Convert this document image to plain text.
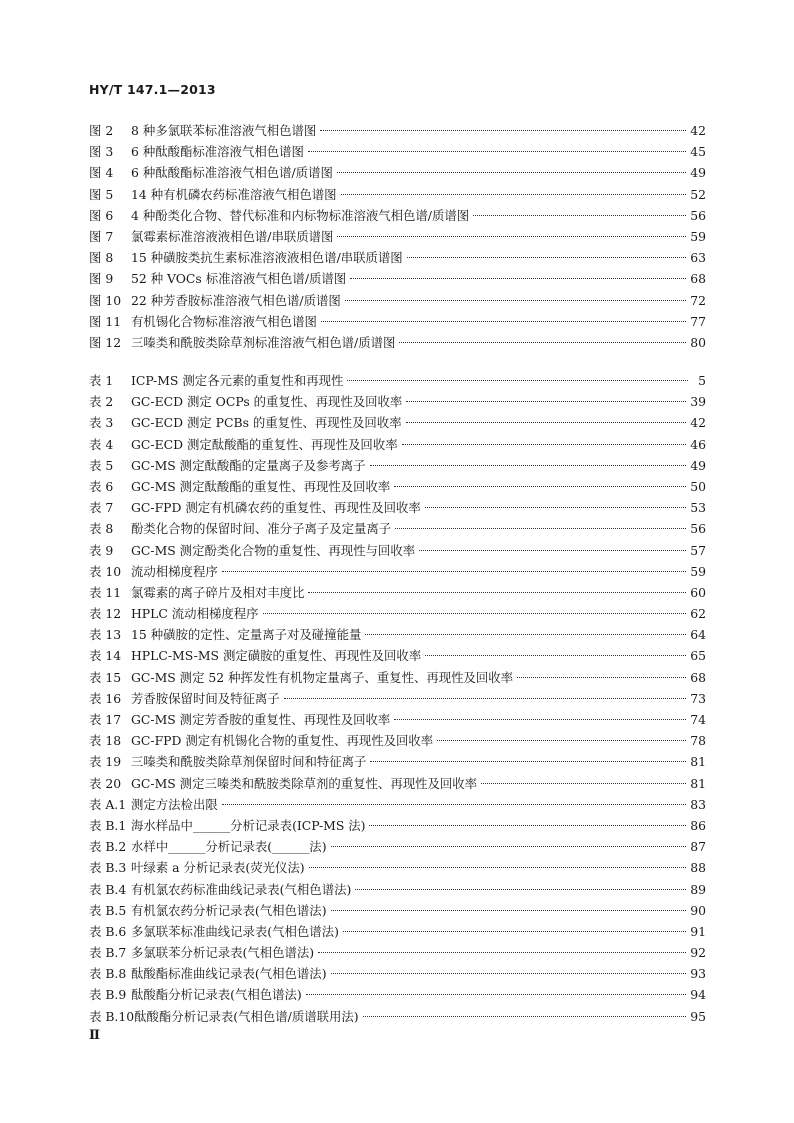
HY/T 147.1—2013
图 2	8 种多氯联苯标准溶液气相色谱图	42
图 3	6 种酞酸酯标准溶液气相色谱图	45
图 4	6 种酞酸酯标准溶液气相色谱/质谱图	49
图 5	14 种有机磷农药标准溶液气相色谱图	52
图 6	4 种酚类化合物、替代标准和内标物标准溶液气相色谱/质谱图	56
图 7	氯霉素标准溶液液相色谱/串联质谱图	59
图 8	15 种磺胺类抗生素标准溶液液相色谱/串联质谱图	63
图 9	52 种 VOCs 标准溶液气相色谱/质谱图	68
图 10 22 种芳香胺标准溶液气相色谱/质谱图	72
图 11 有机锡化合物标准溶液气相色谱图	77
图 12 三嗪类和酰胺类除草剂标准溶液气相色谱/质谱图	80
表 1	ICP-MS 测定各元素的重复性和再现性	5
表 2	GC-ECD 测定 OCPs 的重复性、再现性及回收率	39
表 3	GC-ECD 测定 PCBs 的重复性、再现性及回收率	42
表 4	GC-ECD 测定酞酸酯的重复性、再现性及回收率	46
表 5	GC-MS 测定酞酸酯的定量离子及参考离子	49
表 6	GC-MS 测定酞酸酯的重复性、再现性及回收率	50
表 7	GC-FPD 测定有机磷农药的重复性、再现性及回收率	53
表 8	酚类化合物的保留时间、准分子离子及定量离子	56
表 9	GC-MS 测定酚类化合物的重复性、再现性与回收率	57
表 10 流动相梯度程序	59
表 11 氯霉素的离子碎片及相对丰度比	60
表 12 HPLC 流动相梯度程序	62
表 13 15 种磺胺的定性、定量离子对及碰撞能量	64
表 14 HPLC-MS-MS 测定磺胺的重复性、再现性及回收率	65
表 15 GC-MS 测定 52 种挥发性有机物定量离子、重复性、再现性及回收率	68
表 16 芳香胺保留时间及特征离子	73
表 17 GC-MS 测定芳香胺的重复性、再现性及回收率	74
表 18 GC-FPD 测定有机锡化合物的重复性、再现性及回收率	78
表 19 三嗪类和酰胺类除草剂保留时间和特征离子	81
表 20 GC-MS 测定三嗪类和酰胺类除草剂的重复性、再现性及回收率	81
表 A.1 测定方法检出限	83
表 B.1 海水样品中______分析记录表(ICP-MS 法)	86
表 B.2 水样中______分析记录表(______法)	87
表 B.3 叶绿素 a 分析记录表(荧光仪法)	88
表 B.4 有机氯农药标准曲线记录表(气相色谱法)	89
表 B.5 有机氯农药分析记录表(气相色谱法)	90
表 B.6 多氯联苯标准曲线记录表(气相色谱法)	91
表 B.7 多氯联苯分析记录表(气相色谱法)	92
表 B.8 酞酸酯标准曲线记录表(气相色谱法)	93
表 B.9 酞酸酯分析记录表(气相色谱法)	94
表 B.10 酞酸酯分析记录表(气相色谱/质谱联用法)	95
Ⅱ
